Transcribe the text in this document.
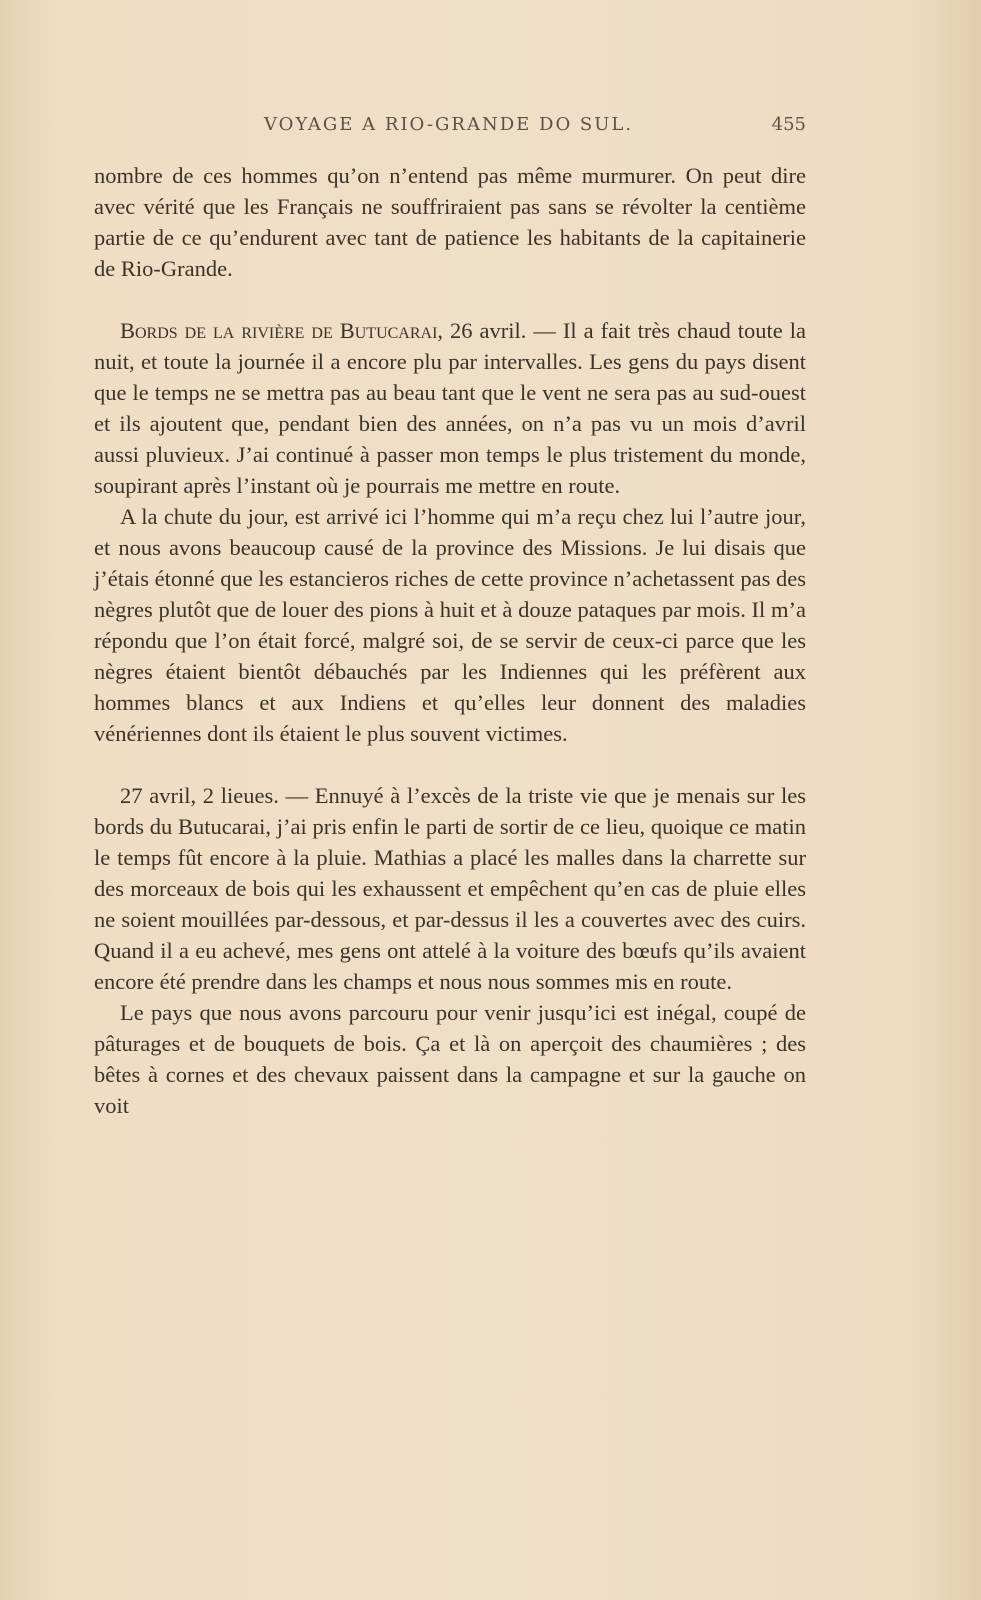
VOYAGE A RIO-GRANDE DO SUL.	455

nombre de ces hommes qu’on n’entend pas même murmurer. On peut dire avec vérité que les Français ne souffriraient pas sans se révolter la centième partie de ce qu’endurent avec tant de patience les habitants de la capitainerie de Rio-Grande.

Bords de la rivière de Butucarai, 26 avril. — Il a fait très chaud toute la nuit, et toute la journée il a encore plu par intervalles. Les gens du pays disent que le temps ne se mettra pas au beau tant que le vent ne sera pas au sud-ouest et ils ajoutent que, pendant bien des années, on n’a pas vu un mois d’avril aussi pluvieux. J’ai continué à passer mon temps le plus tristement du monde, soupirant après l’instant où je pourrais me mettre en route.

A la chute du jour, est arrivé ici l’homme qui m’a reçu chez lui l’autre jour, et nous avons beaucoup causé de la province des Missions. Je lui disais que j’étais étonné que les estancieros riches de cette province n’achetassent pas des nègres plutôt que de louer des pions à huit et à douze pataques par mois. Il m’a répondu que l’on était forcé, malgré soi, de se servir de ceux-ci parce que les nègres étaient bientôt débauchés par les Indiennes qui les préfèrent aux hommes blancs et aux Indiens et qu’elles leur donnent des maladies vénériennes dont ils étaient le plus souvent victimes.

27 avril, 2 lieues. — Ennuyé à l’excès de la triste vie que je menais sur les bords du Butucarai, j’ai pris enfin le parti de sortir de ce lieu, quoique ce matin le temps fût encore à la pluie. Mathias a placé les malles dans la charrette sur des morceaux de bois qui les exhaussent et empêchent qu’en cas de pluie elles ne soient mouillées par-dessous, et par-dessus il les a couvertes avec des cuirs. Quand il a eu achevé, mes gens ont attelé à la voiture des bœufs qu’ils avaient encore été prendre dans les champs et nous nous sommes mis en route.

Le pays que nous avons parcouru pour venir jusqu’ici est inégal, coupé de pâturages et de bouquets de bois. Ça et là on aperçoit des chaumières ; des bêtes à cornes et des chevaux paissent dans la campagne et sur la gauche on voit
